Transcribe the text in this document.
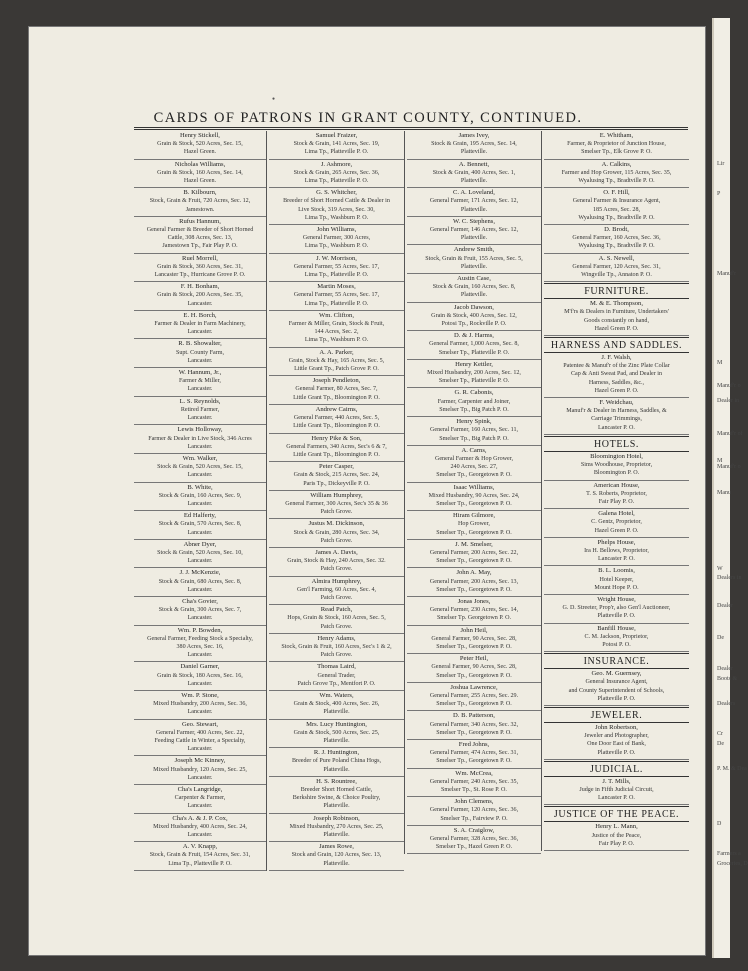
Lir
P
Manuf'r
M
Manuf'r o
Dealer in
Manuf'r of
M
Manuf'r o
Manu
W
Dealers in
Dealer
De
Dealer
Boots &
Dealers
Cr
De
P. M. & Dea
D
Farmers a
Groceries, D
●
CARDS OF PATRONS IN GRANT COUNTY, CONTINUED.
Henry Stickell,
Grain & Stock, 520 Acres, Sec. 15,
Hazel Green.
Nicholas Williams,
Grain & Stock, 160 Acres, Sec. 14,
Hazel Green.
B. Kilbourn,
Stock, Grain & Fruit, 720 Acres, Sec. 12,
Jamestown.
Rufus Hannum,
General Farmer & Breeder of Short Horned
Cattle, 308 Acres, Sec. 13,
Jamestown Tp., Fair Play P. O.
Ruel Morrell,
Grain & Stock, 360 Acres, Sec. 31,
Lancaster Tp., Hurricane Grove P. O.
F. H. Bonham,
Grain & Stock, 200 Acres, Sec. 35,
Lancaster.
E. H. Borch,
Farmer & Dealer in Farm Machinery,
Lancaster.
R. B. Showalter,
Supt. County Farm,
Lancaster.
W. Hannum, Jr.,
Farmer & Miller,
Lancaster.
L. S. Reynolds,
Retired Farmer,
Lancaster.
Lewis Holloway,
Farmer & Dealer in Live Stock, 346 Acres
Lancaster.
Wm. Walker,
Stock & Grain, 520 Acres, Sec. 15,
Lancaster.
B. White,
Stock & Grain, 160 Acres, Sec. 9,
Lancaster.
Ed Halferty,
Stock & Grain, 570 Acres, Sec. 8,
Lancaster.
Abner Dyer,
Stock & Grain, 520 Acres, Sec. 10,
Lancaster.
J. J. McKenzie,
Stock & Grain, 680 Acres, Sec. 8,
Lancaster.
Cha's Govier,
Stock & Grain, 300 Acres, Sec. 7,
Lancaster.
Wm. P. Bowden,
General Farmer, Feeding Stock a Specialty,
380 Acres, Sec. 16,
Lancaster.
Daniel Garner,
Grain & Stock, 180 Acres, Sec. 16,
Lancaster.
Wm. P. Stone,
Mixed Husbandry, 200 Acres, Sec. 36,
Lancaster.
Geo. Stewart,
General Farmer, 400 Acres, Sec. 22,
Feeding Cattle in Winter, a Specialty,
Lancaster.
Joseph Mc Kinney,
Mixed Husbandry, 120 Acres, Sec. 25,
Lancaster.
Cha's Langridge,
Carpenter & Farmer,
Lancaster.
Cha's A. & J. P. Cox,
Mixed Husbandry, 400 Acres, Sec. 24,
Lancaster.
A. V. Knapp,
Stock, Grain & Fruit, 154 Acres, Sec. 31,
Lima Tp., Platteville P. O.
Samuel Fraizer,
Stock & Grain, 141 Acres, Sec. 19,
Lima Tp., Platteville P. O.
J. Ashmore,
Stock & Grain, 265 Acres, Sec. 36,
Lima Tp., Platteville P. O.
G. S. Whitcher,
Breeder of Short Horned Cattle & Dealer in
Live Stock, 319 Acres, Sec. 30,
Lima Tp., Washburn P. O.
John Williams,
General Farmer, 300 Acres,
Lima Tp., Washburn P. O.
J. W. Morrison,
General Farmer, 55 Acres, Sec. 17,
Lima Tp., Platteville P. O.
Martin Moses,
General Farmer, 55 Acres, Sec. 17,
Lima Tp., Platteville P. O.
Wm. Clifton,
Farmer & Miller, Grain, Stock & Fruit,
144 Acres, Sec. 2,
Lima Tp., Washburn P. O.
A. A. Parker,
Grain, Stock & Hay, 165 Acres, Sec. 5,
Little Grant Tp., Patch Grove P. O.
Joseph Pendleton,
General Farmer, 80 Acres, Sec. 7,
Little Grant Tp., Bloomington P. O.
Andrew Cairns,
General Farmer, 440 Acres, Sec. 5,
Little Grant Tp., Bloomington P. O.
Henry Pike & Son,
General Farmers, 340 Acres, Sec's 6 & 7,
Little Grant Tp., Bloomington P. O.
Peter Casper,
Grain & Stock, 215 Acres, Sec. 24,
Paris Tp., Dickeyville P. O.
William Humphrey,
General Farmer, 300 Acres, Sec's 35 & 36
Patch Grove.
Justus M. Dickinson,
Stock & Grain, 280 Acres, Sec. 34,
Patch Grove.
James A. Davis,
Grain, Stock & Hay, 240 Acres, Sec. 32.
Patch Grove.
Almira Humphrey,
Gen'l Farming, 60 Acres, Sec. 4,
Patch Grove.
Read Patch,
Hops, Grain & Stock, 160 Acres, Sec. 5,
Patch Grove.
Henry Adams,
Stock, Grain & Fruit, 160 Acres, Sec's 1 & 2,
Patch Grove.
Thomas Laird,
General Trader,
Patch Grove Tp., Mentfort P. O.
Wm. Waters,
Grain & Stock, 400 Acres, Sec. 26,
Platteville.
Mrs. Lucy Huntington,
Grain & Stock, 500 Acres, Sec. 25,
Platteville.
R. J. Huntington,
Breeder of Pure Poland China Hogs,
Platteville.
H. S. Rountree,
Breeder Short Horned Cattle,
Berkshire Swine, & Choice Poultry,
Platteville.
Joseph Robinson,
Mixed Husbandry, 270 Acres, Sec. 25,
Platteville.
James Rowe,
Stock and Grain, 120 Acres, Sec. 13,
Platteville.
James Ivey,
Stock & Grain, 195 Acres, Sec. 14,
Platteville.
A. Bennett,
Stock & Grain, 400 Acres, Sec. 1,
Platteville.
C. A. Loveland,
General Farmer, 171 Acres, Sec. 12,
Platteville.
W. C. Stephens,
General Farmer, 146 Acres, Sec. 12,
Platteville.
Andrew Smith,
Stock, Grain & Fruit, 155 Acres, Sec. 5,
Platteville.
Austin Case,
Stock & Grain, 160 Acres, Sec. 8,
Platteville.
Jacob Dawson,
Grain & Stock, 400 Acres, Sec. 12,
Potosi Tp., Rockville P. O.
D. & J. Harms,
General Farmer, 1,000 Acres, Sec. 8,
Smelser Tp., Platteville P. O.
Henry Kettler,
Mixed Husbandry, 200 Acres, Sec. 12,
Smelser Tp., Platteville P. O.
G. R. Cabonis,
Farmer, Carpenter and Joiner,
Smelser Tp., Big Patch P. O.
Henry Spink,
General Farmer, 160 Acres, Sec. 11,
Smelser Tp., Big Patch P. O.
A. Carns,
General Farmer & Hop Grower,
240 Acres, Sec. 27,
Smelser Tp., Georgetown P. O.
Isaac Williams,
Mixed Husbandry, 90 Acres, Sec. 24,
Smelser Tp., Georgetown P. O.
Hiram Gilmore,
Hop Grower,
Smelser Tp., Georgetown P. O.
J. M. Smelser,
General Farmer, 200 Acres, Sec. 22,
Smelser Tp., Georgetown P. O.
John A. May,
General Farmer, 200 Acres, Sec. 13,
Smelser Tp., Georgetown P. O.
Jonas Jones,
General Farmer, 230 Acres, Sec. 14,
Smelser Tp. Georgetown P. O.
John Heil,
General Farmer, 90 Acres, Sec. 28,
Smelser Tp., Georgetown P. O.
Peter Heil,
General Farmer, 90 Acres, Sec. 28,
Smelser Tp., Georgetown P. O.
Joshua Lawrence,
General Farmer, 255 Acres, Sec. 29.
Smelser Tp., Georgetown P. O.
D. B. Patterson,
General Farmer, 340 Acres, Sec. 32,
Smelser Tp., Georgetown P. O.
Fred Johns,
General Farmer, 474 Acres, Sec. 31,
Smelser Tp., Georgetown P. O.
Wm. McCrea,
General Farmer, 240 Acres, Sec. 35,
Smelser Tp., St. Rose P. O.
John Clemens,
General Farmer, 120 Acres, Sec. 36,
Smelser Tp., Fairview P. O.
S. A. Craiglow,
General Farmer, 328 Acres, Sec. 36,
Smelser Tp., Hazel Green P. O.
E. Whitham,
Farmer, & Proprietor of Junction House,
Smelser Tp., Elk Grove P. O.
A. Calkins,
Farmer and Hop Grower, 115 Acres, Sec. 35,
Wyalusing Tp., Bradtville P. O.
O. F. Hill,
General Farmer & Insurance Agent,
185 Acres, Sec. 28,
Wyalusing Tp., Bradtville P. O.
D. Brodt,
General Farmer, 160 Acres, Sec. 36,
Wyalusing Tp., Bradtville P. O.
A. S. Newell,
General Farmer, 120 Acres, Sec. 31,
Wingville Tp., Annaton P. O.
FURNITURE.
M. & E. Thompson,
M'f'rs & Dealers in Furniture, Undertakers'
Goods constantly on hand,
Hazel Green P. O.
HARNESS AND SADDLES.
J. F. Walsh,
Patentee & Manuf'r of the Zinc Plate Collar
Cap & Anti Sweat Pad, and Dealer in
Harness, Saddles, &c.,
Hazel Green P. O.
F. Weidchau,
Manuf'r & Dealer in Harness, Saddles, &
Carriage Trimmings,
Lancaster P. O.
HOTELS.
Bloomington Hotel,
Sims Woodhouse, Proprietor,
Bloomington P. O.
American House,
T. S. Roberts, Proprietor,
Fair Play P. O.
Galena Hotel,
C. Gentz, Proprietor,
Hazel Green P. O.
Phelps House,
Ira H. Bellows, Proprietor,
Lancaster P. O.
B. L. Loomis,
Hotel Keeper,
Mount Hope P. O.
Wright House,
G. D. Streeter, Prop'r, also Gen'l Auctioneer,
Platteville P. O.
Banfill House,
C. M. Jackson, Proprietor,
Potosi P. O.
INSURANCE.
Geo. M. Guernsey,
General Insurance Agent,
and County Superintendent of Schools,
Platteville P. O.
JEWELER.
John Robertson,
Jeweler and Photographer,
One Door East of Bank,
Platteville P. O.
JUDICIAL.
J. T. Mills,
Judge in Fifth Judicial Circuit,
Lancaster P. O.
JUSTICE OF THE PEACE.
Henry L. Mann,
Justice of the Peace,
Fair Play P. O.
